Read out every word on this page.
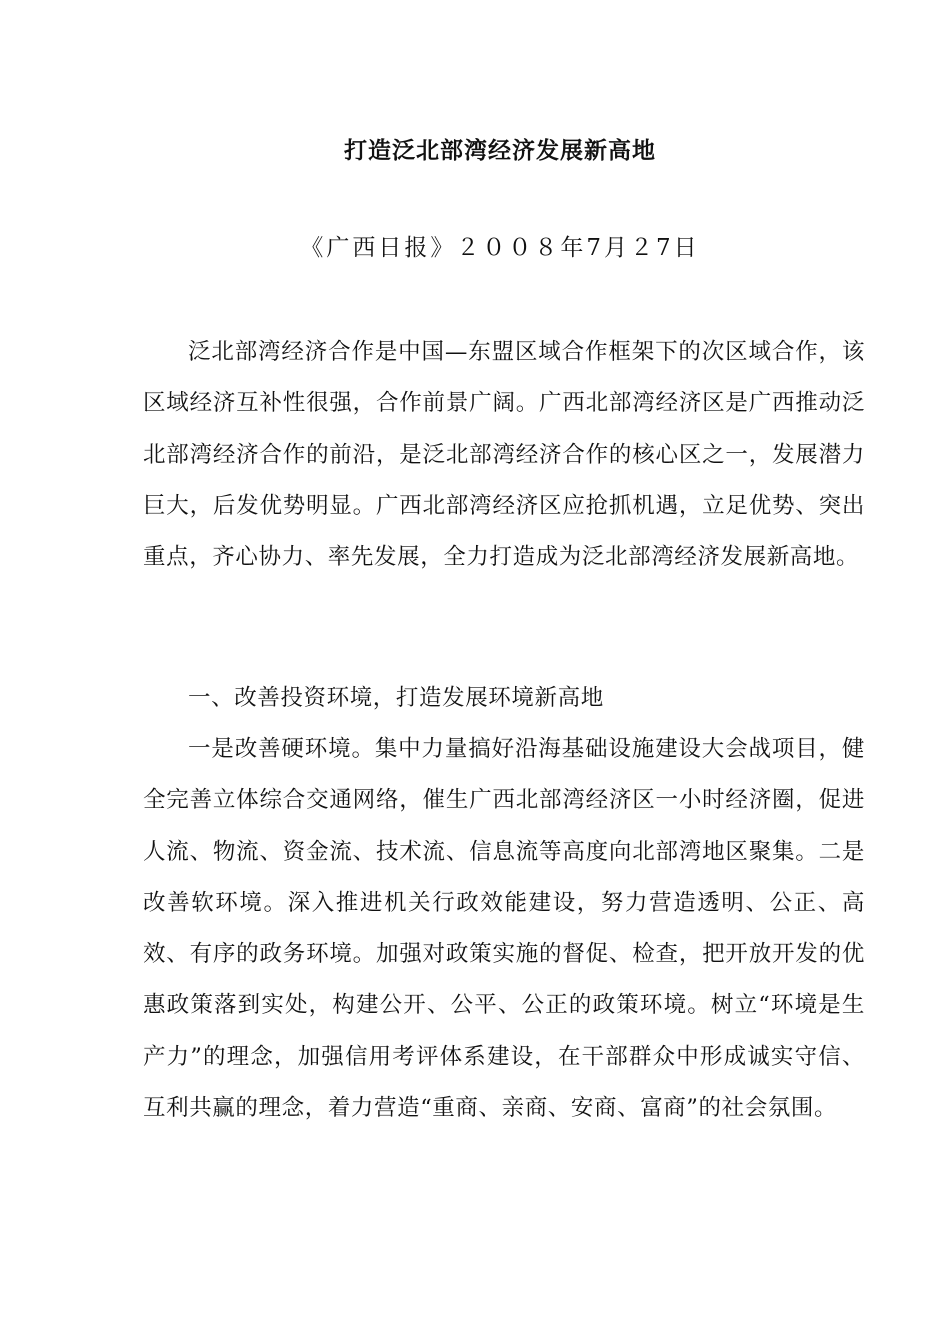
打造泛北部湾经济发展新高地

《广西日报》２００８年7月２7日

泛北部湾经济合作是中国—东盟区域合作框架下的次区域合作，该区域经济互补性很强，合作前景广阔。广西北部湾经济区是广西推动泛北部湾经济合作的前沿，是泛北部湾经济合作的核心区之一，发展潜力巨大，后发优势明显。广西北部湾经济区应抢抓机遇，立足优势、突出重点，齐心协力、率先发展，全力打造成为泛北部湾经济发展新高地。

一、改善投资环境，打造发展环境新高地

一是改善硬环境。集中力量搞好沿海基础设施建设大会战项目，健全完善立体综合交通网络，催生广西北部湾经济区一小时经济圈，促进人流、物流、资金流、技术流、信息流等高度向北部湾地区聚集。二是改善软环境。深入推进机关行政效能建设，努力营造透明、公正、高效、有序的政务环境。加强对政策实施的督促、检查，把开放开发的优惠政策落到实处，构建公开、公平、公正的政策环境。树立“环境是生产力”的理念，加强信用考评体系建设，在干部群众中形成诚实守信、互利共赢的理念，着力营造“重商、亲商、安商、富商”的社会氛围。
